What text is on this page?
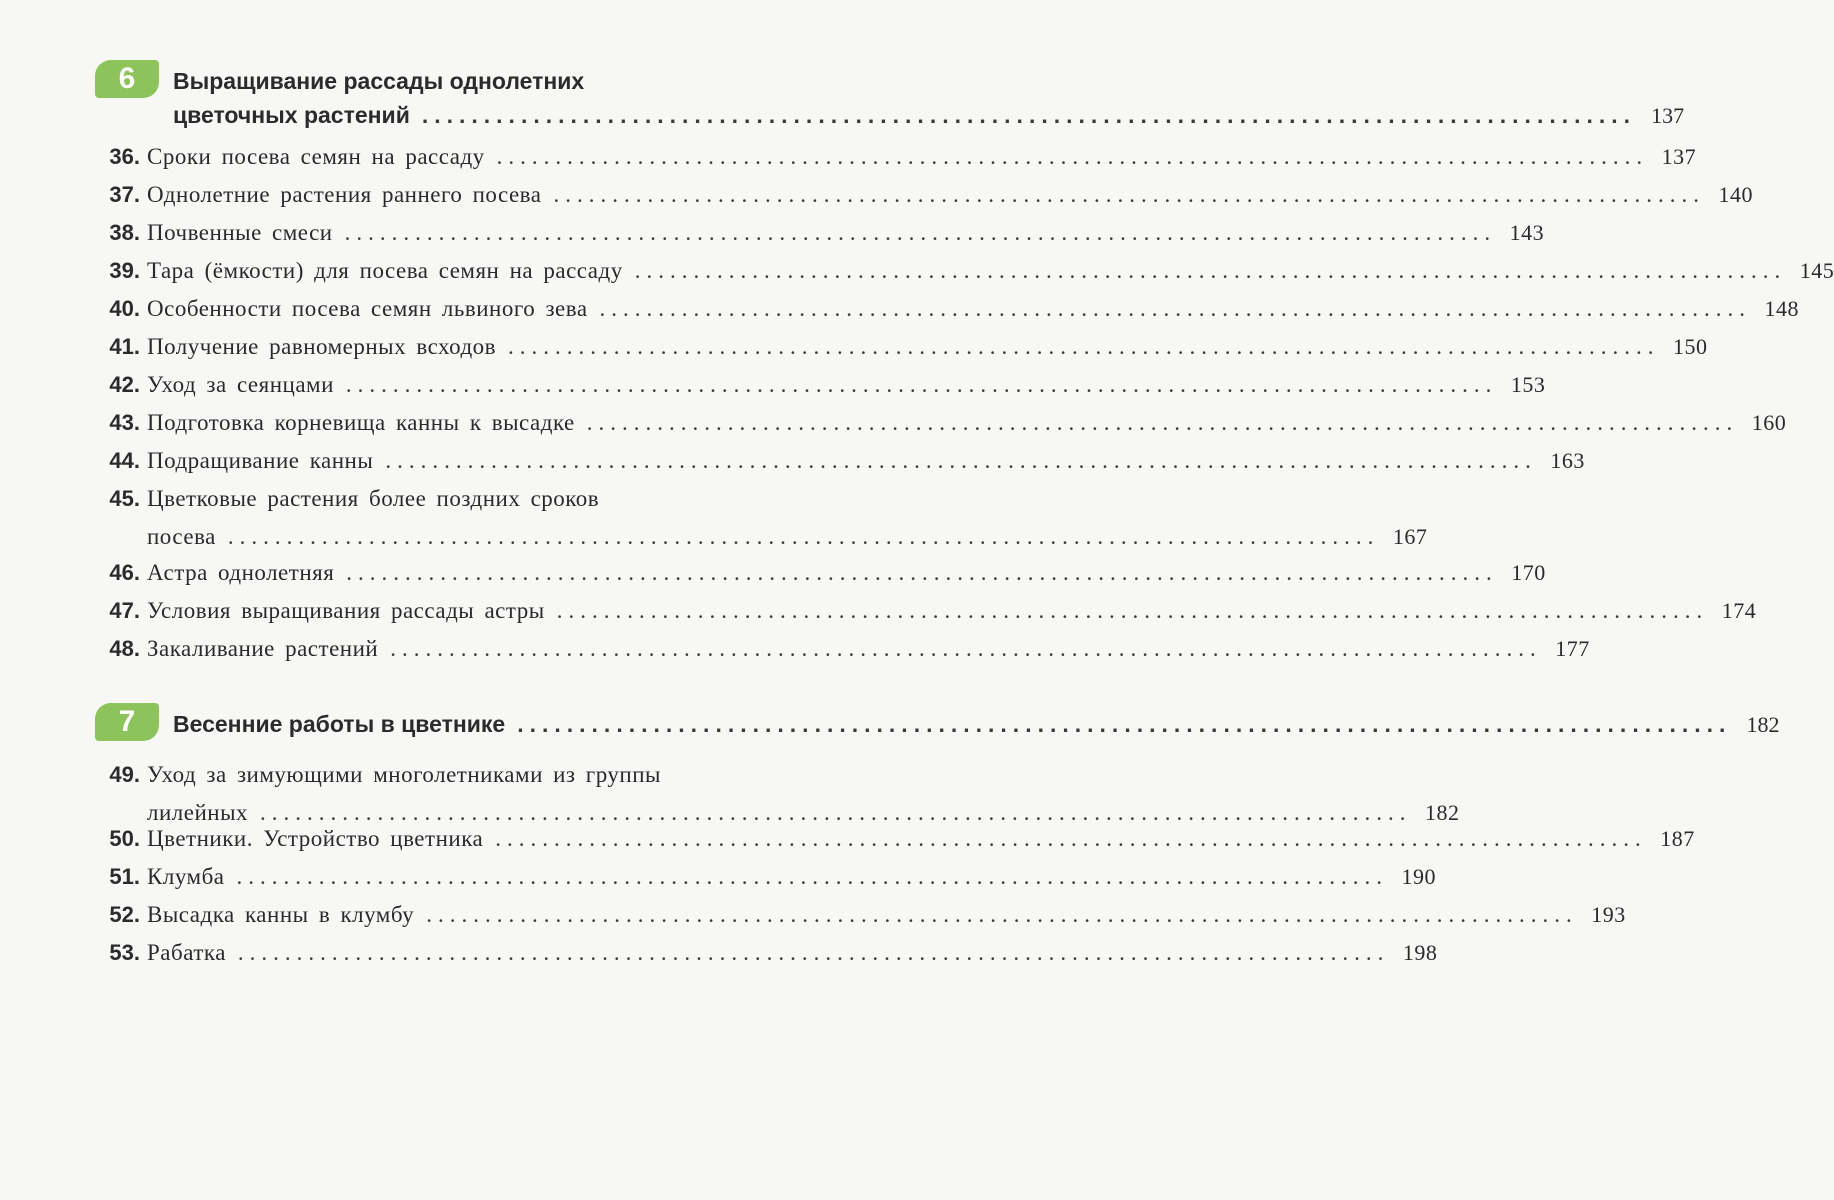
6	Выращивание рассады однолетних
цветочных растений .................................................................................................. 137
36. Сроки посева семян на рассаду .................................................................................................. 137
37. Однолетние растения раннего посева .................................................................................................. 140
38. Почвенные смеси .................................................................................................. 143
39. Тара (ёмкости) для посева семян на рассаду .................................................................................................. 145
40. Особенности посева семян львиного зева .................................................................................................. 148
41. Получение равномерных всходов .................................................................................................. 150
42. Уход за сеянцами .................................................................................................. 153
43. Подготовка корневища канны к высадке .................................................................................................. 160
44. Подращивание канны .................................................................................................. 163
45. Цветковые растения более поздних сроков
посева .................................................................................................. 167
46. Астра однолетняя .................................................................................................. 170
47. Условия выращивания рассады астры .................................................................................................. 174
48. Закаливание растений .................................................................................................. 177
7	Весенние работы в цветнике .................................................................................................. 182
49. Уход за зимующими многолетниками из группы
лилейных .................................................................................................. 182
50. Цветники. Устройство цветника .................................................................................................. 187
51. Клумба .................................................................................................. 190
52. Высадка канны в клумбу .................................................................................................. 193
53. Рабатка .................................................................................................. 198
